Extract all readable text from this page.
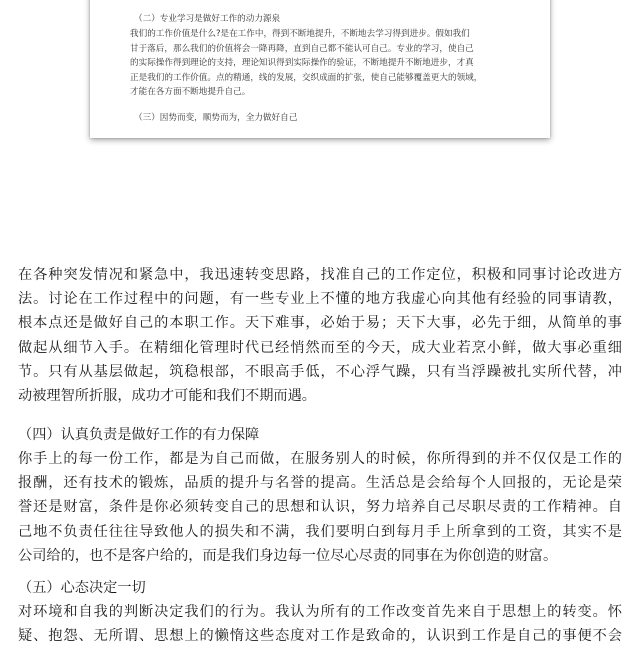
（二）专业学习是做好工作的动力源泉
我们的工作价值是什么?是在工作中，得到不断地提升，不断地去学习得到进步。假如我们
甘于落后，那么我们的价值将会一降再降，直到自己都不能认可自己。专业的学习，使自己
的实际操作得到理论的支持，理论知识得到实际操作的验证，不断地提升不断地进步，才真
正是我们的工作价值。点的精通，线的发展，交织成面的扩张，使自己能够覆盖更大的领域，
才能在各方面不断地提升自己。
（三）因势而变，顺势而为，全力做好自己
在各种突发情况和紧急中，我迅速转变思路，找准自己的工作定位，积极和同事讨论改进方
法。讨论在工作过程中的问题，有一些专业上不懂的地方我虚心向其他有经验的同事请教，
根本点还是做好自己的本职工作。天下难事，必始于易；天下大事，必先于细，从简单的事
做起从细节入手。在精细化管理时代已经悄然而至的今天，成大业若烹小鲜，做大事必重细
节。只有从基层做起，筑稳根部，不眼高手低，不心浮气躁，只有当浮躁被扎实所代替，冲
动被理智所折服，成功才可能和我们不期而遇。
（四）认真负责是做好工作的有力保障
你手上的每一份工作，都是为自己而做，在服务别人的时候，你所得到的并不仅仅是工作的
报酬，还有技术的锻炼，品质的提升与名誉的提高。生活总是会给每个人回报的，无论是荣
誉还是财富，条件是你必须转变自己的思想和认识，努力培养自己尽职尽责的工作精神。自
己地不负责任往往导致他人的损失和不满，我们要明白到每月手上所拿到的工资，其实不是
公司给的，也不是客户给的，而是我们身边每一位尽心尽责的同事在为你创造的财富。
（五）心态决定一切
对环境和自我的判断决定我们的行为。我认为所有的工作改变首先来自于思想上的转变。怀
疑、抱怨、无所谓、思想上的懒惰这些态度对工作是致命的，认识到工作是自己的事便不会
